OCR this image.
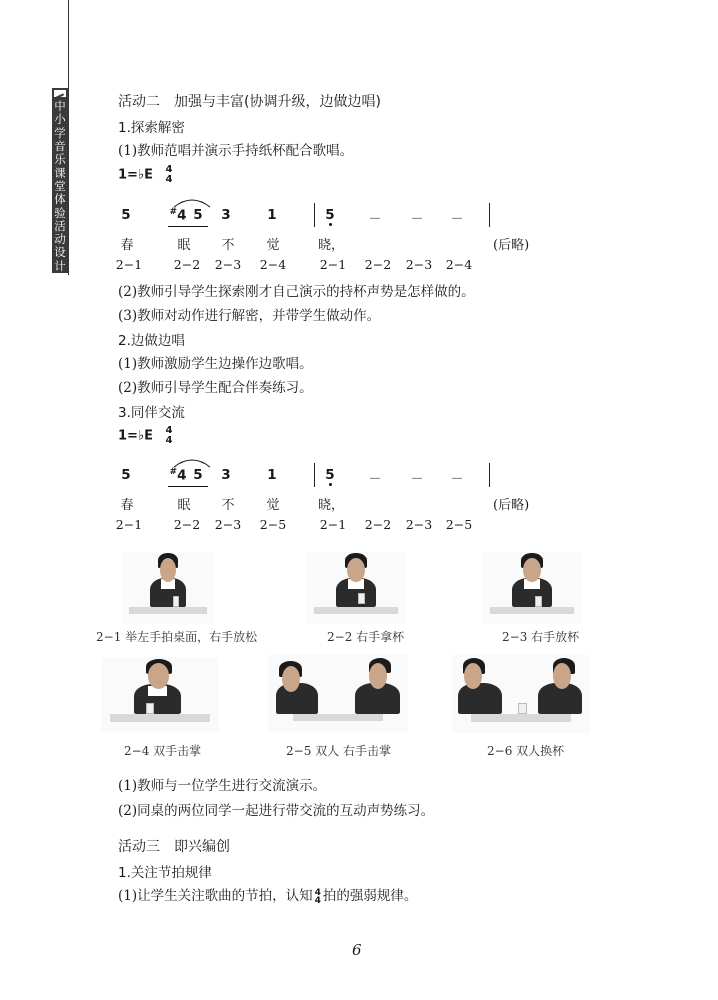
中小学音乐课堂体验活动设计
活动二　加强与丰富(协调升级，边做边唱)
1.探索解密
(1)教师范唱并演示手持纸杯配合歌唱。
1=♭E 4
4
5	#4 5	3	1	5	－ － －
春	眠	不	觉	晓，	(后略)
2−1	2−2	2−3	2−4	2−1	2−2	2−3	2−4
(2)教师引导学生探索刚才自己演示的持杯声势是怎样做的。
(3)教师对动作进行解密，并带学生做动作。
2.边做边唱
(1)教师激励学生边操作边歌唱。
(2)教师引导学生配合伴奏练习。
3.同伴交流
1=♭E 4
4
5	#4 5	3	1	5	－ － －
春	眠	不	觉	晓，	(后略)
2−1	2−2	2−3	2−5	2−1	2−2	2−3	2−5
2−1 举左手拍桌面，右手放松	2−2 右手拿杯	2−3 右手放杯
2−4 双手击掌	2−5 双人 右手击掌	2−6 双人换杯
(1)教师与一位学生进行交流演示。
(2)同桌的两位同学一起进行带交流的互动声势练习。
活动三　即兴编创
1.关注节拍规律
(1)让学生关注歌曲的节拍，认知 4
4 拍的强弱规律。
6
